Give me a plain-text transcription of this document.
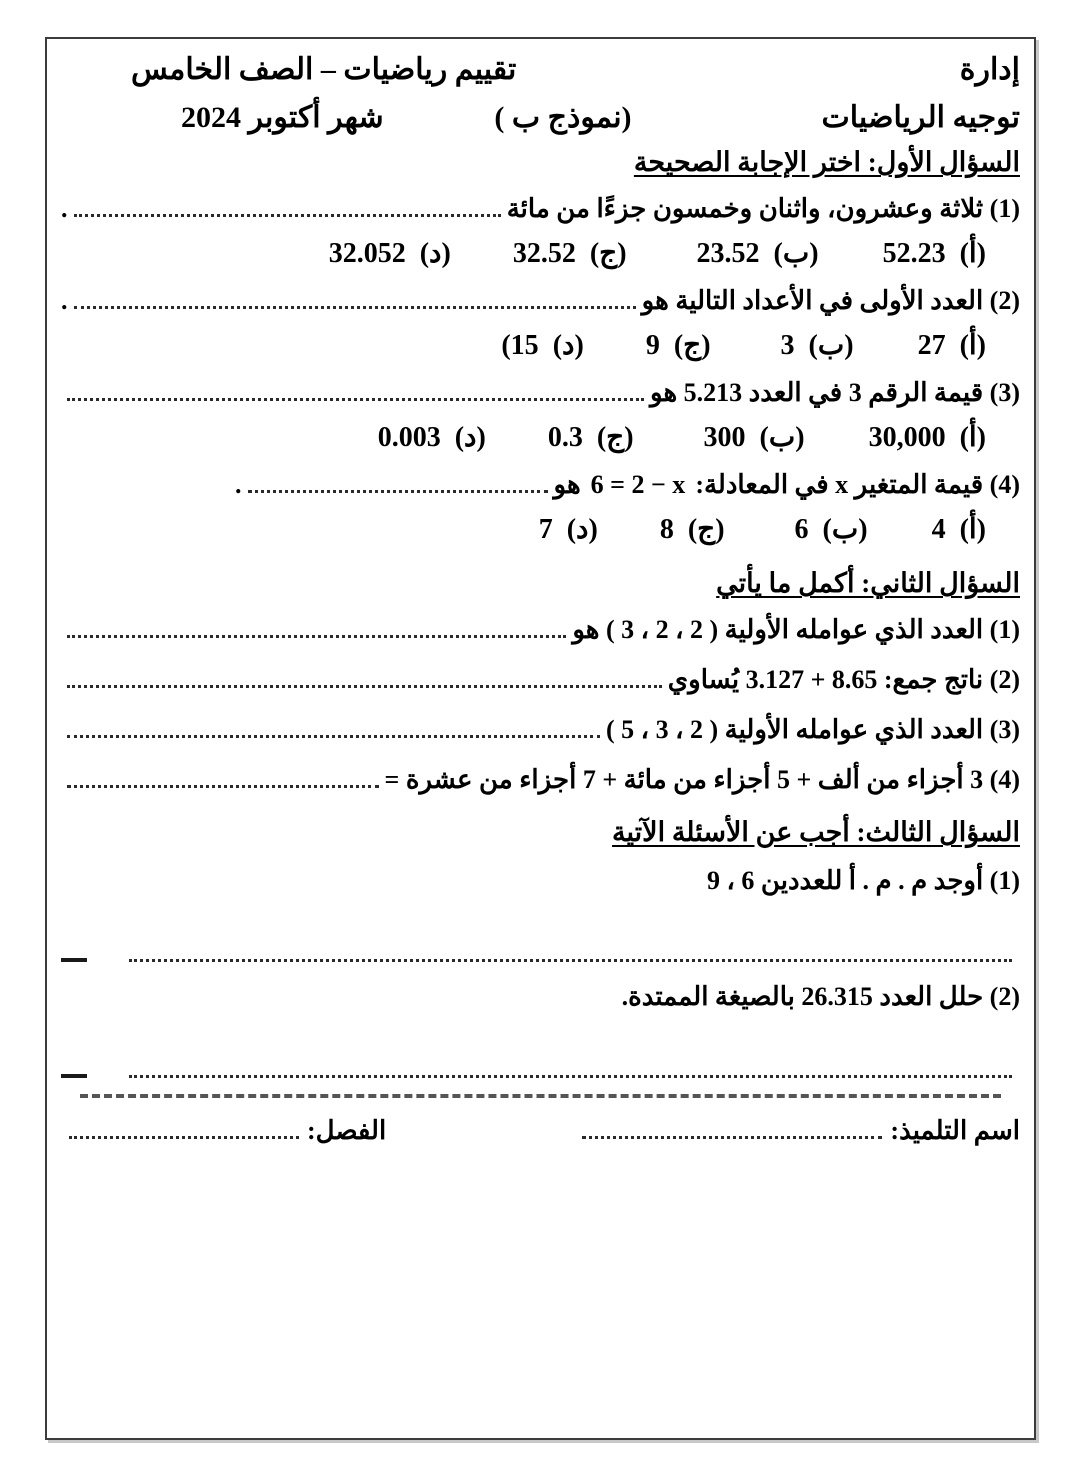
إدارة
تقييم رياضيات – الصف الخامس
توجيه الرياضيات
(نموذج ب )
شهر أكتوبر 2024
السؤال الأول: اختر الإجابة الصحيحة
(1) ثلاثة وعشرون، واثنان وخمسون جزءًا من مائة
.
(أ)
52.23
(ب)
23.52
(ج)
32.52
(د)
32.052
(2) العدد الأولى في الأعداد التالية هو
.
(أ)
27
(ب)
3
(ج)
9
(د)
(15
(3) قيمة الرقم 3 في العدد 5.213 هو
(أ)
30,000
(ب)
300
(ج)
0.3
(د)
0.003
(4) قيمة المتغير x في المعادلة:
6 = 2 − x
هو
.
(أ)
4
(ب)
6
(ج)
8
(د)
7
السؤال الثاني: أكمل ما يأتي
(1) العدد الذي عوامله الأولية ( 2 ، 2 ، 3 ) هو
(2) ناتج جمع: 8.65 + 3.127 يُساوي
(3) العدد الذي عوامله الأولية ( 2 ، 3 ، 5 )
(4) 3 أجزاء من ألف + 5 أجزاء من مائة + 7 أجزاء من عشرة =
السؤال الثالث: أجب عن الأسئلة الآتية
(1) أوجد م . م . أ للعددين 6 ، 9
(2) حلل العدد 26.315 بالصيغة الممتدة.
اسم التلميذ:
الفصل:
